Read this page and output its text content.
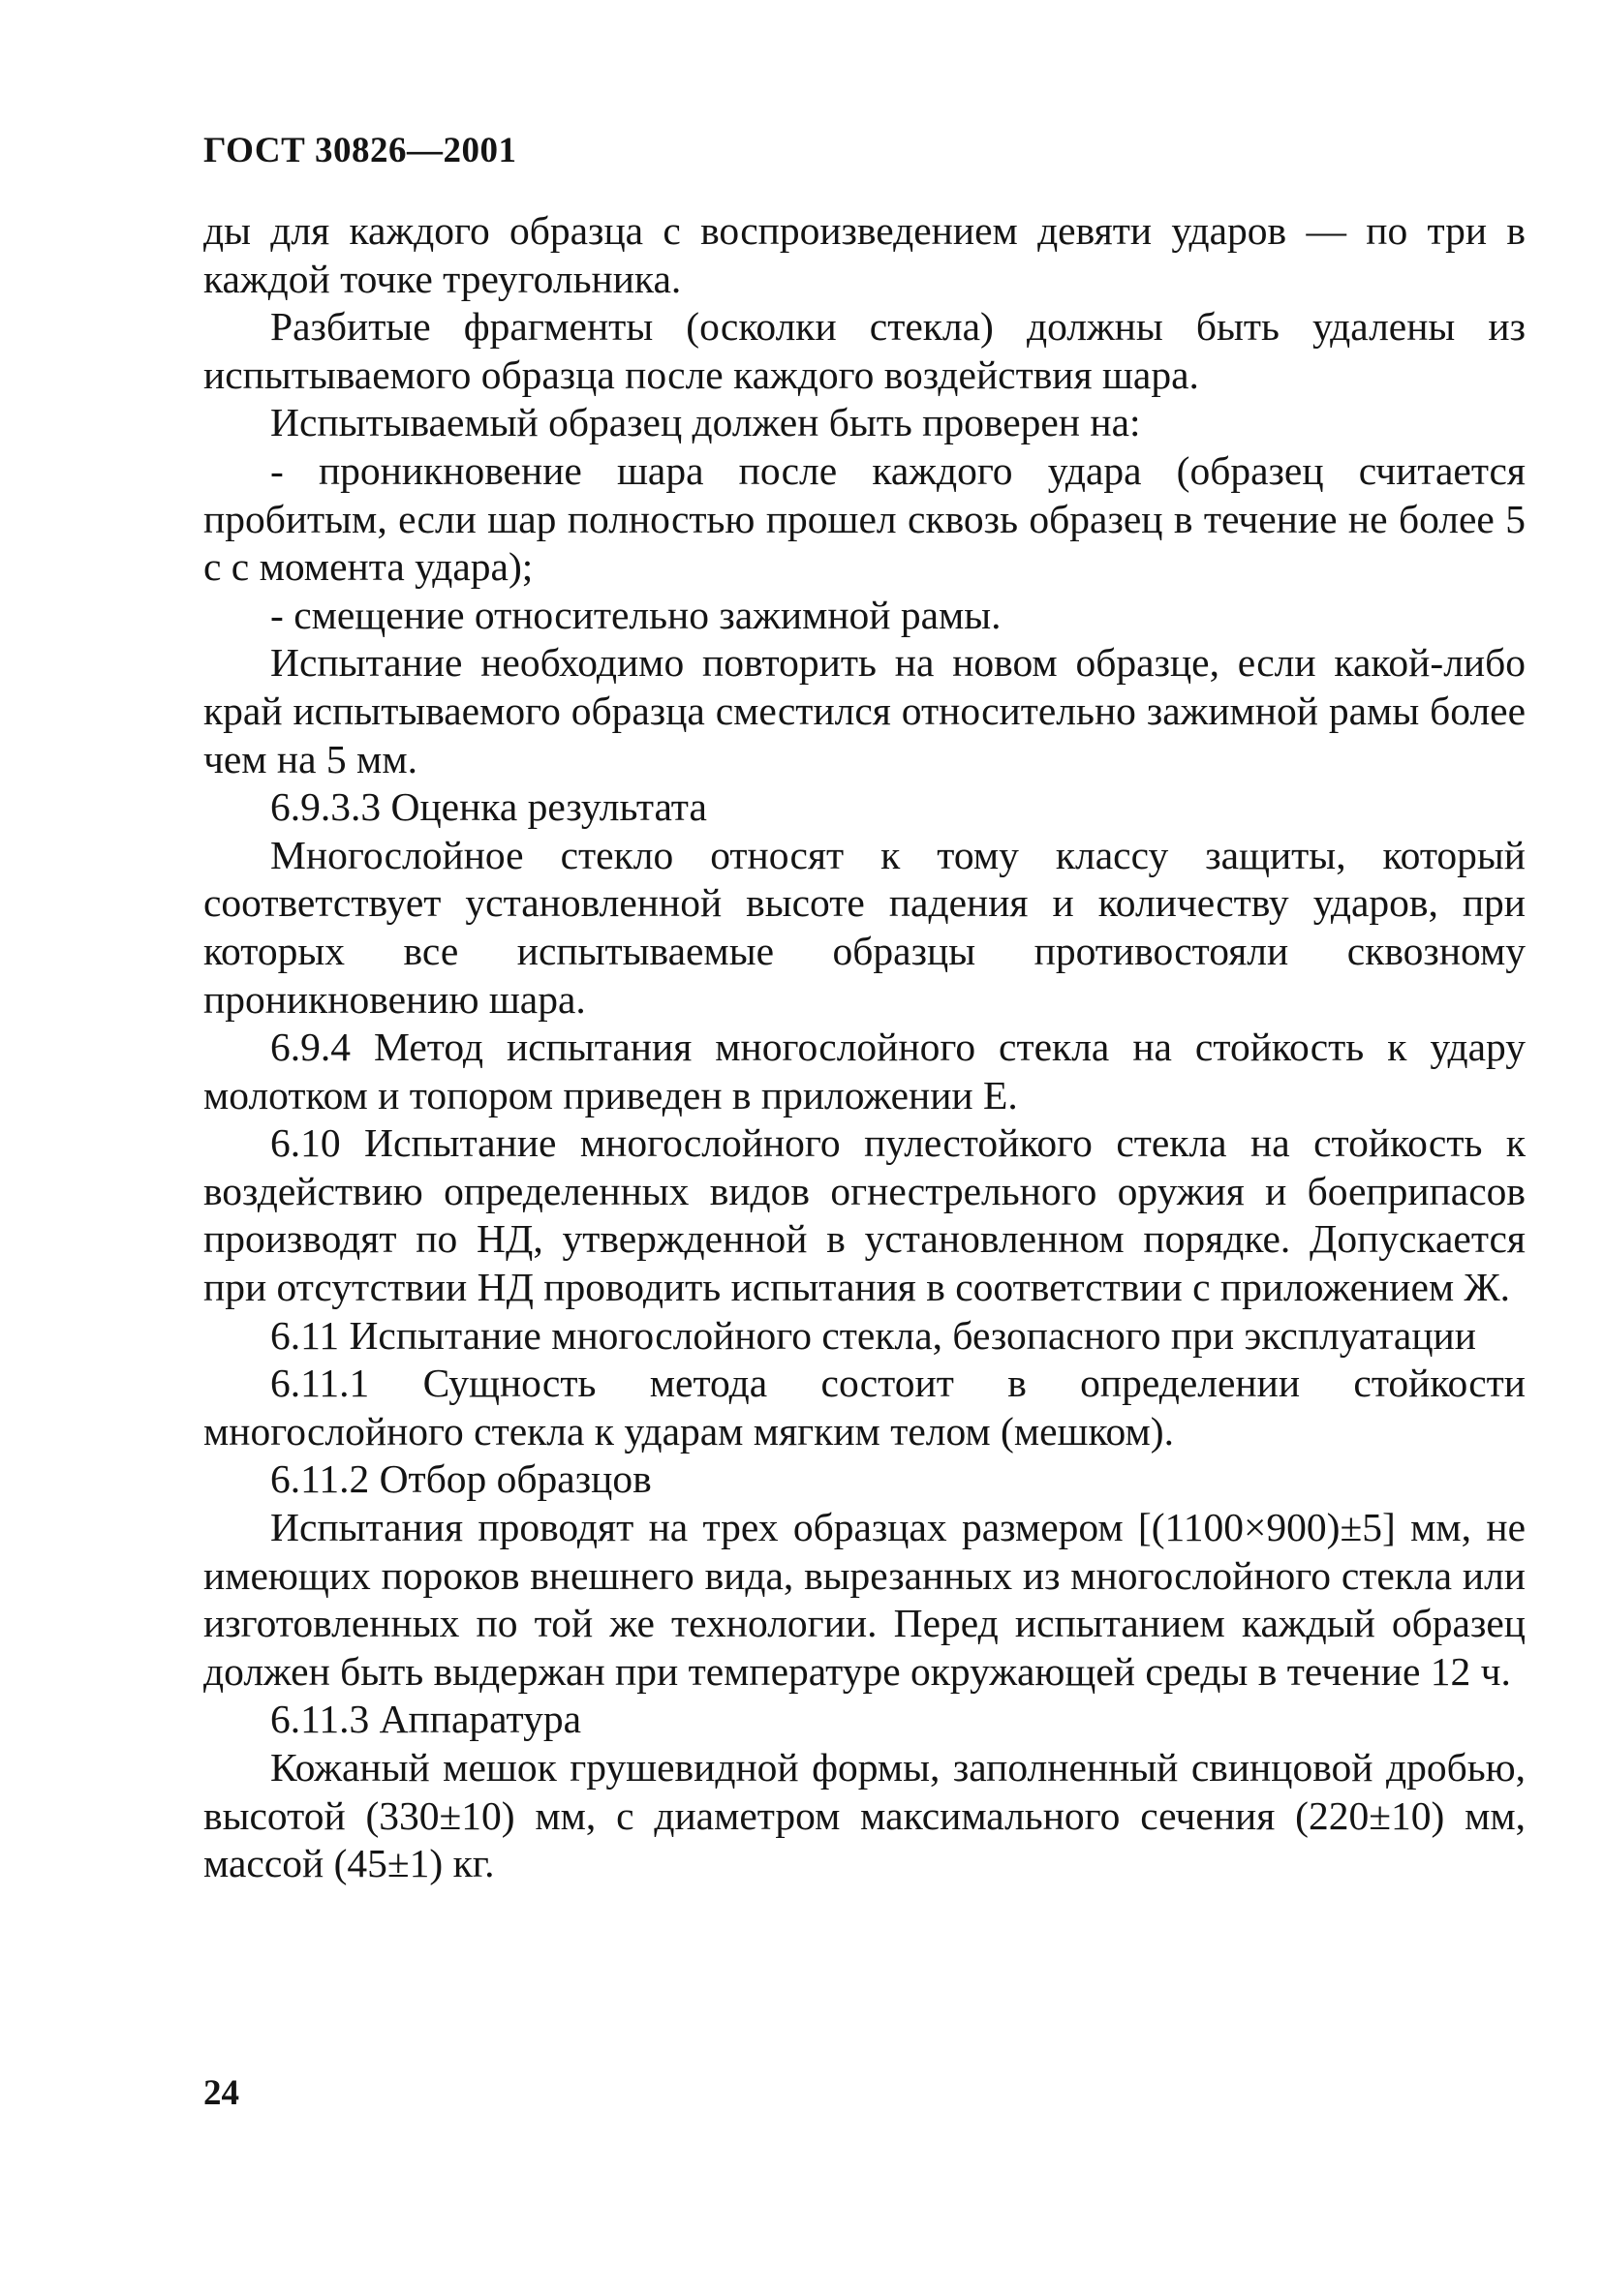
ГОСТ 30826—2001

ды для каждого образца с воспроизведением девяти ударов — по три в каждой точке треугольника.

Разбитые фрагменты (осколки стекла) должны быть удалены из испытываемого образца после каждого воздействия шара.

Испытываемый образец должен быть проверен на:

- проникновение шара после каждого удара (образец считается пробитым, если шар полностью прошел сквозь образец в течение не более 5 с с момента удара);

- смещение относительно зажимной рамы.

Испытание необходимо повторить на новом образце, если какой-либо край испытываемого образца сместился относительно зажимной рамы более чем на 5 мм.

6.9.3.3 Оценка результата

Многослойное стекло относят к тому классу защиты, который соответствует установленной высоте падения и количеству ударов, при которых все испытываемые образцы противостояли сквозному проникновению шара.

6.9.4 Метод испытания многослойного стекла на стойкость к удару молотком и топором приведен в приложении Е.

6.10 Испытание многослойного пулестойкого стекла на стойкость к воздействию определенных видов огнестрельного оружия и боеприпасов производят по НД, утвержденной в установленном порядке. Допускается при отсутствии НД проводить испытания в соответствии с приложением Ж.

6.11 Испытание многослойного стекла, безопасного при эксплуатации

6.11.1 Сущность метода состоит в определении стойкости многослойного стекла к ударам мягким телом (мешком).

6.11.2 Отбор образцов

Испытания проводят на трех образцах размером [(1100×900)±5] мм, не имеющих пороков внешнего вида, вырезанных из многослойного стекла или изготовленных по той же технологии. Перед испытанием каждый образец должен быть выдержан при температуре окружающей среды в течение 12 ч.

6.11.3 Аппаратура

Кожаный мешок грушевидной формы, заполненный свинцовой дробью, высотой (330±10) мм, с диаметром максимального сечения (220±10) мм, массой (45±1) кг.

24
